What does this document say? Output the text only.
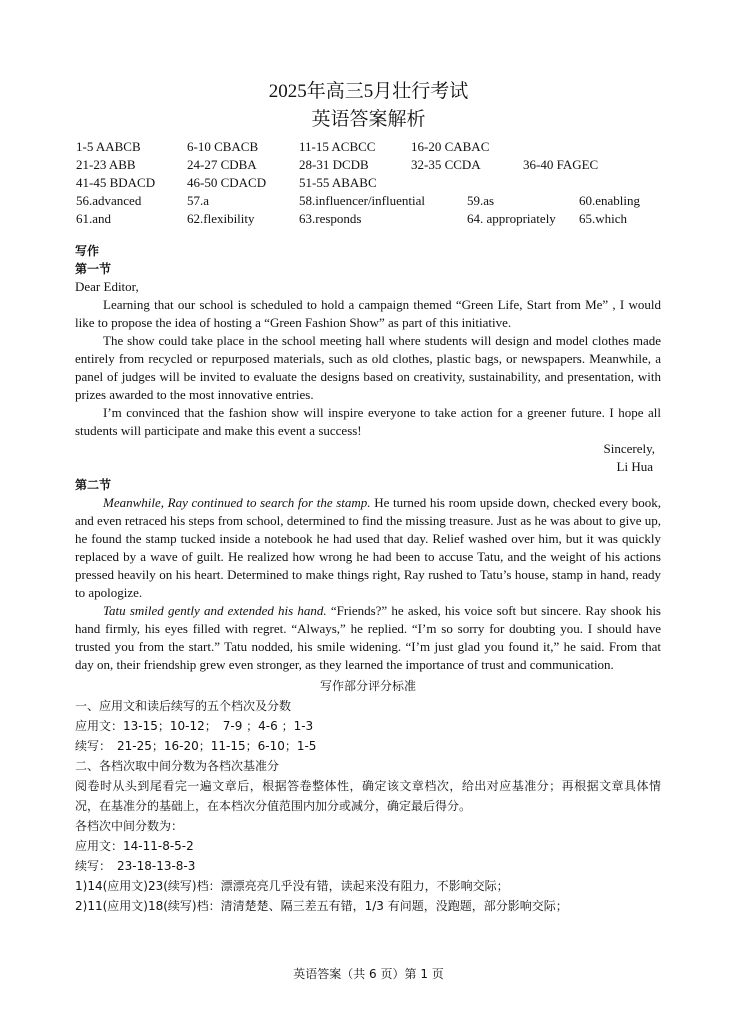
2025年高三5月壮行考试
英语答案解析
1-5 AABCB	6-10 CBACB	11-15 ACBCC	16-20 CABAC
21-23 ABB	24-27 CDBA	28-31 DCDB	32-35 CCDA	36-40 FAGEC
41-45 BDACD 46-50 CDACD	51-55 ABABC
56.advanced	57.a	58.influencer/influential	59.as	60.enabling
61.and	62.flexibility	63.responds	64. appropriately 65.which

写作

第一节

Dear Editor,

Learning that our school is scheduled to hold a campaign themed “Green Life, Start from Me” , I would like to propose the idea of hosting a “Green Fashion Show” as part of this initiative.

The show could take place in the school meeting hall where students will design and model clothes made entirely from recycled or repurposed materials, such as old clothes, plastic bags, or newspapers. Meanwhile, a panel of judges will be invited to evaluate the designs based on creativity, sustainability, and presentation, with prizes awarded to the most innovative entries.

I’m convinced that the fashion show will inspire everyone to take action for a greener future. I hope all students will participate and make this event a success!

Sincerely,

Li Hua

第二节

Meanwhile, Ray continued to search for the stamp. He turned his room upside down, checked every book, and even retraced his steps from school, determined to find the missing treasure. Just as he was about to give up, he found the stamp tucked inside a notebook he had used that day. Relief washed over him, but it was quickly replaced by a wave of guilt. He realized how wrong he had been to accuse Tatu, and the weight of his actions pressed heavily on his heart. Determined to make things right, Ray rushed to Tatu’s house, stamp in hand, ready to apologize.

Tatu smiled gently and extended his hand. “Friends?” he asked, his voice soft but sincere. Ray shook his hand firmly, his eyes filled with regret. “Always,” he replied. “I’m so sorry for doubting you. I should have trusted you from the start.” Tatu nodded, his smile widening. “I’m just glad you found it,” he said. From that day on, their friendship grew even stronger, as they learned the importance of trust and communication.

写作部分评分标准

一、应用文和读后续写的五个档次及分数

应用文：13-15；10-12；　7-9 ；4-6 ；1-3

续写：　21-25；16-20；11-15；6-10；1-5

二、各档次取中间分数为各档次基准分

阅卷时从头到尾看完一遍文章后，根据答卷整体性，确定该文章档次，给出对应基准分；再根据文章具体情况，在基准分的基础上，在本档次分值范围内加分或减分，确定最后得分。

各档次中间分数为：

应用文：14-11-8-5-2

续写：　23-18-13-8-3

1)14(应用文)23(续写)档：漂漂亮亮几乎没有错，读起来没有阻力，不影响交际；

2)11(应用文)18(续写)档：清清楚楚、隔三差五有错，1/3 有问题，没跑题，部分影响交际；

英语答案（共 6 页）第 1 页
